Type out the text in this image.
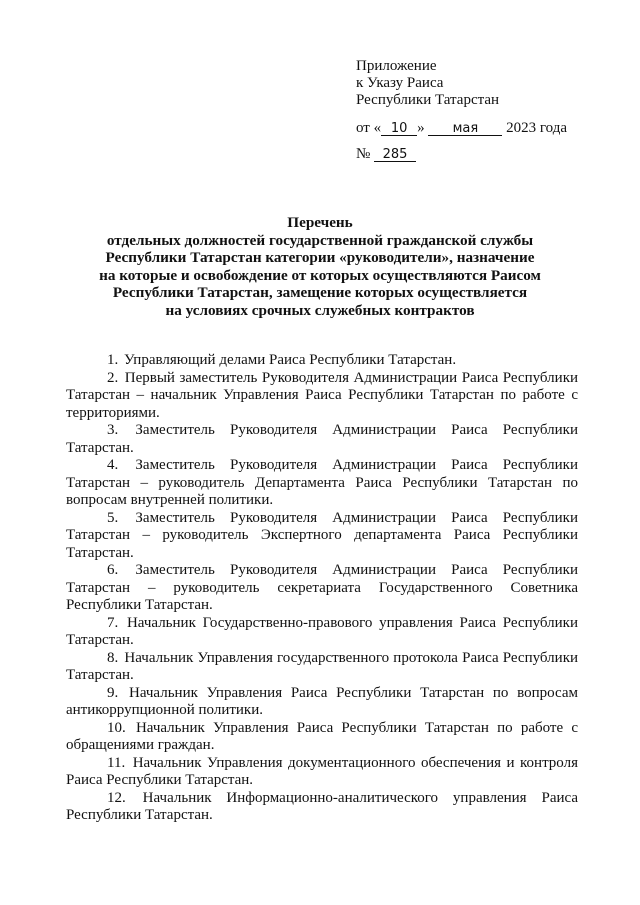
Приложение
к Указу Раиса
Республики Татарстан
от « 10 » мая 2023 года
№ 285
Перечень
отдельных должностей государственной гражданской службы
Республики Татарстан категории «руководители», назначение
на которые и освобождение от которых осуществляются Раисом
Республики Татарстан, замещение которых осуществляется
на условиях срочных служебных контрактов

1. Управляющий делами Раиса Республики Татарстан.

2. Первый заместитель Руководителя Администрации Раиса Республики Татарстан – начальник Управления Раиса Республики Татарстан по работе с территориями.

3. Заместитель Руководителя Администрации Раиса Республики Татарстан.

4. Заместитель Руководителя Администрации Раиса Республики Татарстан – руководитель Департамента Раиса Республики Татарстан по вопросам внутренней политики.

5. Заместитель Руководителя Администрации Раиса Республики Татарстан – руководитель Экспертного департамента Раиса Республики Татарстан.

6. Заместитель Руководителя Администрации Раиса Республики Татарстан – руководитель секретариата Государственного Советника Республики Татарстан.

7. Начальник Государственно-правового управления Раиса Республики Татарстан.

8. Начальник Управления государственного протокола Раиса Республики Татарстан.

9. Начальник Управления Раиса Республики Татарстан по вопросам антикоррупционной политики.

10. Начальник Управления Раиса Республики Татарстан по работе с обращениями граждан.

11. Начальник Управления документационного обеспечения и контроля Раиса Республики Татарстан.

12. Начальник Информационно-аналитического управления Раиса Республики Татарстан.
